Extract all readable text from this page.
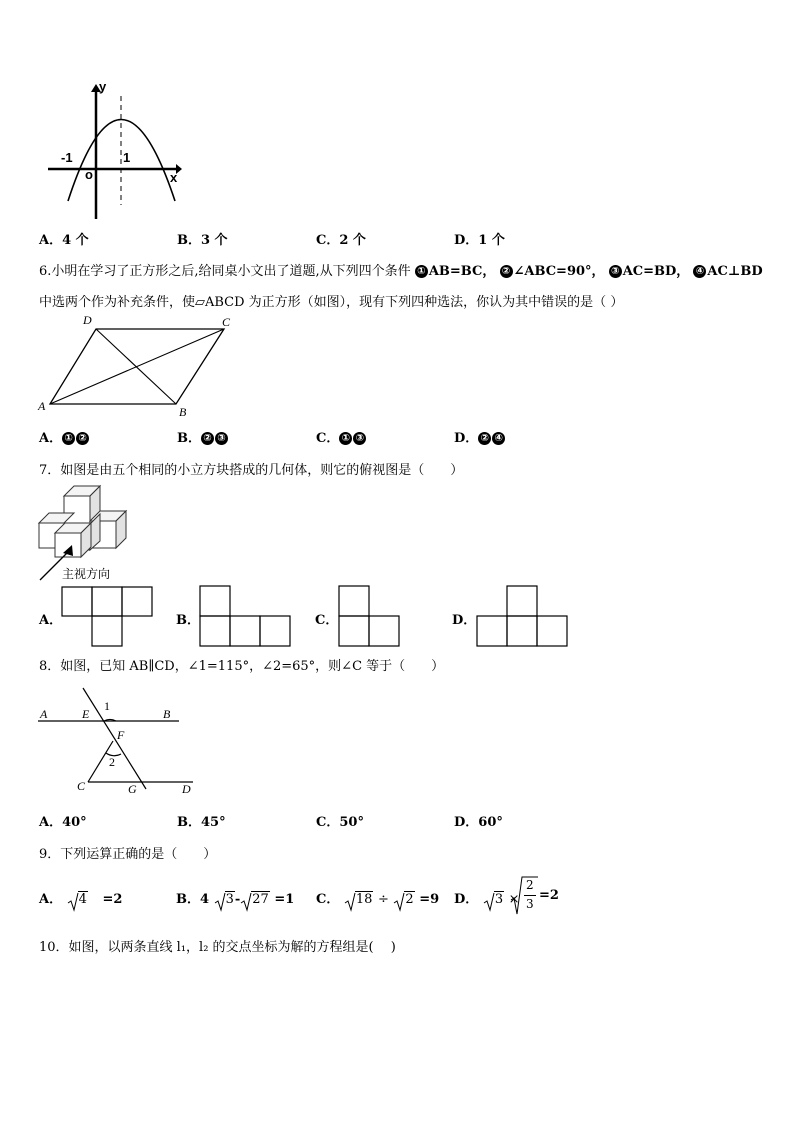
y
x
-1	1
o
A．4 个	B．3 个	C．2 个	D．1 个
6.小明在学习了正方形之后,给同桌小文出了道题,从下列四个条件 ① AB=BC， ② ∠ABC=90°， ③ AC=BD， ④ AC⊥BD
中选两个作为补充条件，使▱ABCD 为正方形（如图），现有下列四种选法，你认为其中错误的是（ ）
A	B
C
D
A． ① ②	B． ② ③	C． ① ③	D． ② ④
7．如图是由五个相同的小立方块搭成的几何体，则它的俯视图是（　　）
主视方向
A．	B．	C．	D．
8．如图，已知 AB∥CD，∠1=115°，∠2=65°，则∠C 等于（　　）
A	E
1
B
F
2
C	G	D
A．40°	B．45°	C．50°	D．60°
9．下列运算正确的是（　　）
A． 4 =2	B．4 3- 27 =1 C． 18 ÷ 2 =9 D． 3 ×
2
3
=2
10．如图，以两条直线 l₁，l₂ 的交点坐标为解的方程组是(　 )
